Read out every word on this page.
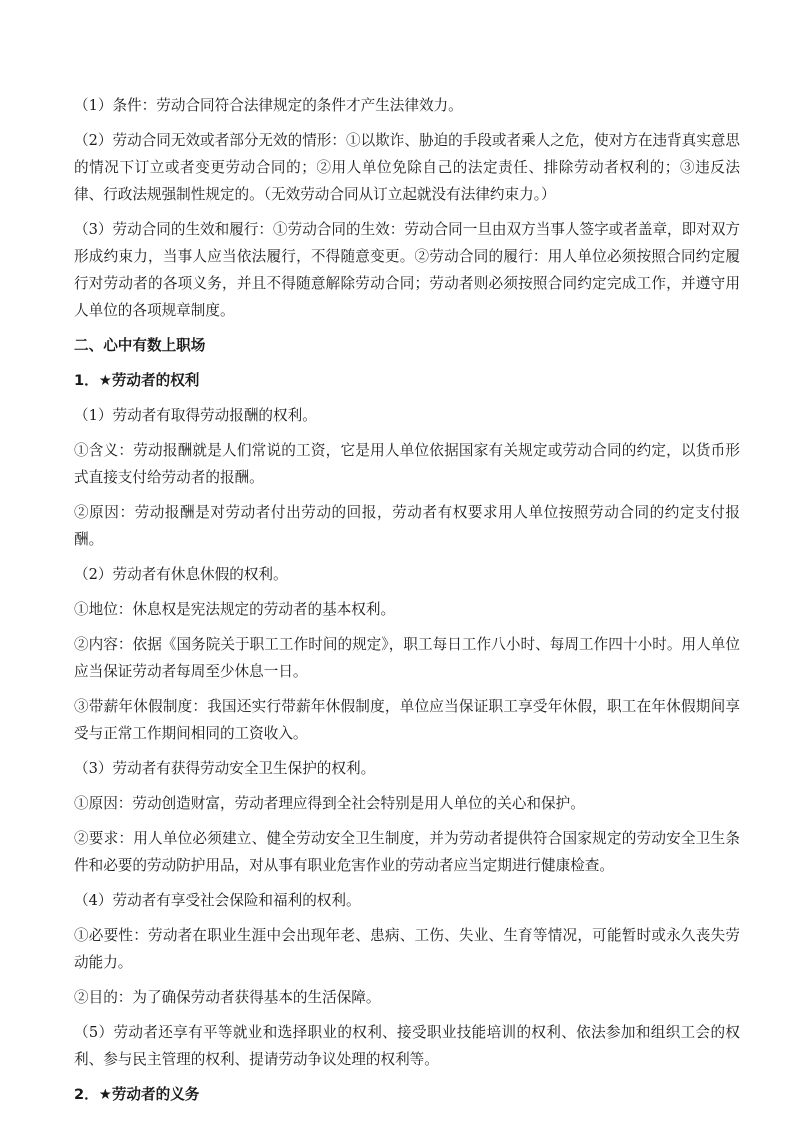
（1）条件：劳动合同符合法律规定的条件才产生法律效力。

（2）劳动合同无效或者部分无效的情形：①以欺诈、胁迫的手段或者乘人之危，使对方在违背真实意思的情况下订立或者变更劳动合同的；②用人单位免除自己的法定责任、排除劳动者权利的；③违反法律、行政法规强制性规定的。（无效劳动合同从订立起就没有法律约束力。）

（3）劳动合同的生效和履行：①劳动合同的生效：劳动合同一旦由双方当事人签字或者盖章，即对双方形成约束力，当事人应当依法履行，不得随意变更。②劳动合同的履行：用人单位必须按照合同约定履行对劳动者的各项义务，并且不得随意解除劳动合同；劳动者则必须按照合同约定完成工作，并遵守用人单位的各项规章制度。

二、心中有数上职场

1．★劳动者的权利

（1）劳动者有取得劳动报酬的权利。

①含义：劳动报酬就是人们常说的工资，它是用人单位依据国家有关规定或劳动合同的约定，以货币形式直接支付给劳动者的报酬。

②原因：劳动报酬是对劳动者付出劳动的回报，劳动者有权要求用人单位按照劳动合同的约定支付报酬。

（2）劳动者有休息休假的权利。

①地位：休息权是宪法规定的劳动者的基本权利。

②内容：依据《国务院关于职工工作时间的规定》，职工每日工作八小时、每周工作四十小时。用人单位应当保证劳动者每周至少休息一日。

③带薪年休假制度：我国还实行带薪年休假制度，单位应当保证职工享受年休假，职工在年休假期间享受与正常工作期间相同的工资收入。

（3）劳动者有获得劳动安全卫生保护的权利。

①原因：劳动创造财富，劳动者理应得到全社会特别是用人单位的关心和保护。

②要求：用人单位必须建立、健全劳动安全卫生制度，并为劳动者提供符合国家规定的劳动安全卫生条件和必要的劳动防护用品，对从事有职业危害作业的劳动者应当定期进行健康检查。

（4）劳动者有享受社会保险和福利的权利。

①必要性：劳动者在职业生涯中会出现年老、患病、工伤、失业、生育等情况，可能暂时或永久丧失劳动能力。

②目的：为了确保劳动者获得基本的生活保障。

（5）劳动者还享有平等就业和选择职业的权利、接受职业技能培训的权利、依法参加和组织工会的权利、参与民主管理的权利、提请劳动争议处理的权利等。

2．★劳动者的义务
